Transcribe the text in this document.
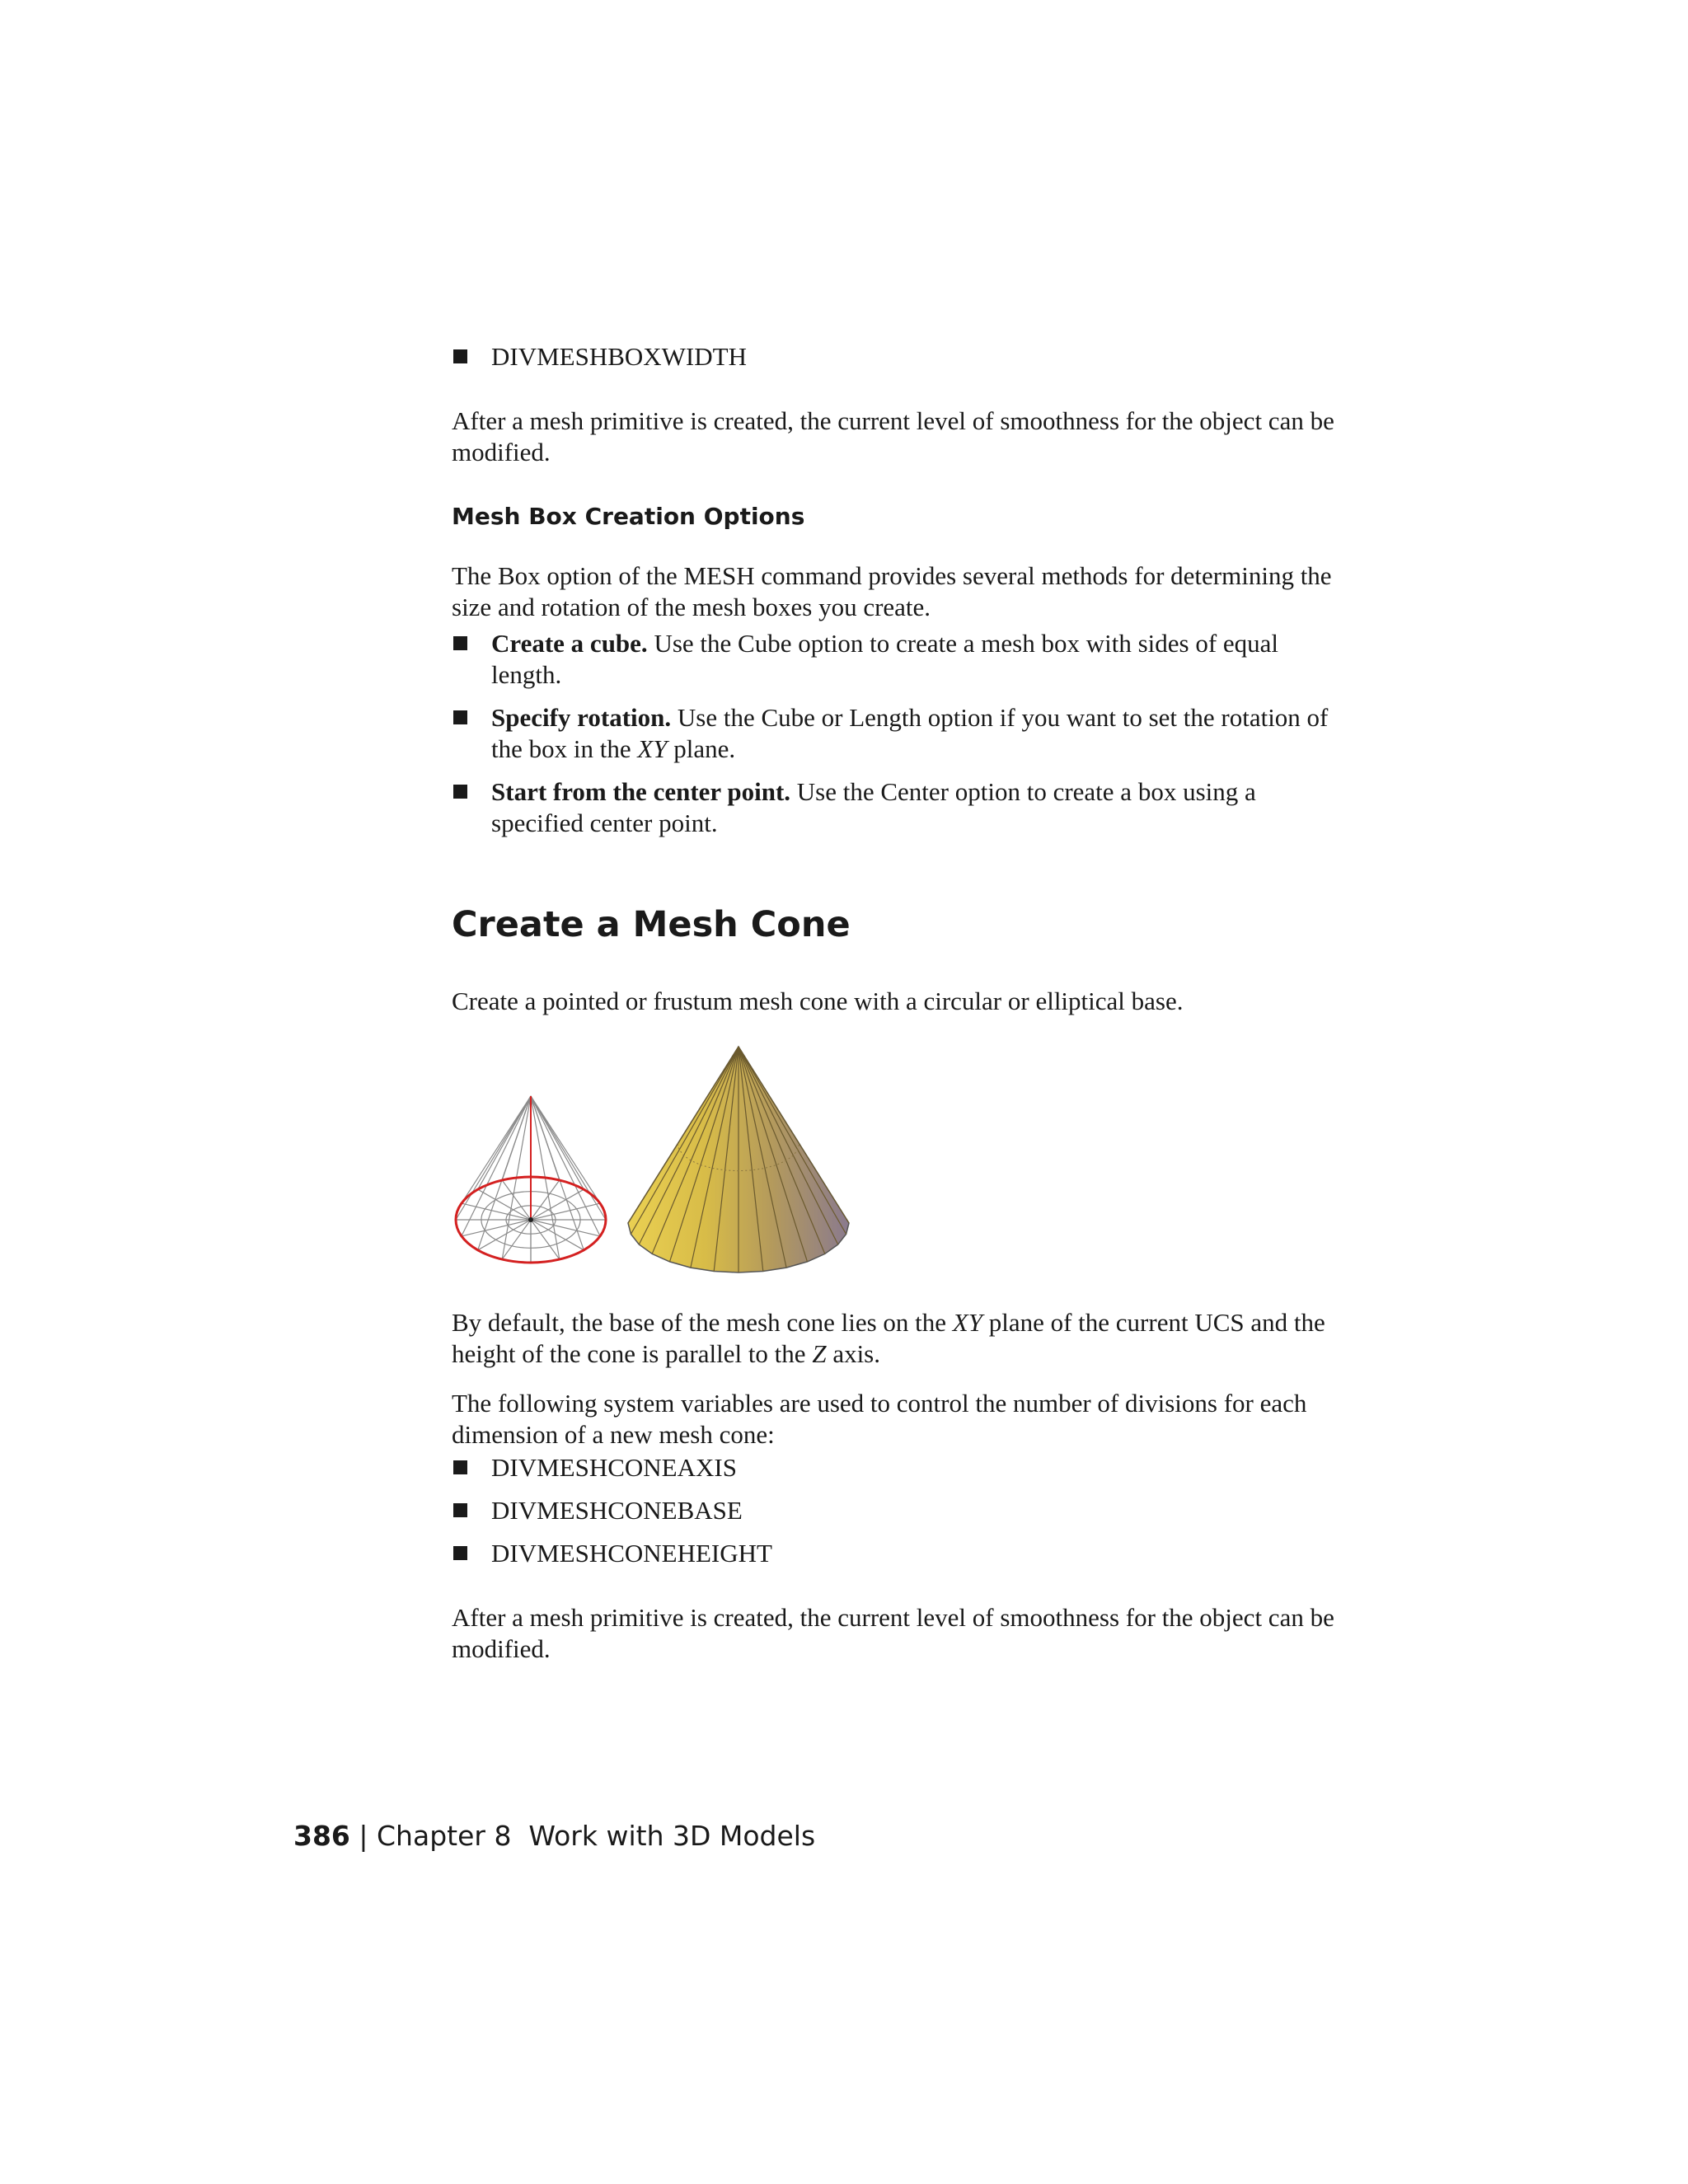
DIVMESHBOXWIDTH

After a mesh primitive is created, the current level of smoothness for the object can be modified.

Mesh Box Creation Options

The Box option of the MESH command provides several methods for determining the size and rotation of the mesh boxes you create.

Create a cube. Use the Cube option to create a mesh box with sides of equal length.
Specify rotation. Use the Cube or Length option if you want to set the rotation of the box in the XY plane.
Start from the center point. Use the Center option to create a box using a specified center point.
Create a Mesh Cone

Create a pointed or frustum mesh cone with a circular or elliptical base.

By default, the base of the mesh cone lies on the XY plane of the current UCS and the height of the cone is parallel to the Z axis.

The following system variables are used to control the number of divisions for each dimension of a new mesh cone:

DIVMESHCONEAXIS
DIVMESHCONEBASE
DIVMESHCONEHEIGHT

After a mesh primitive is created, the current level of smoothness for the object can be modified.

386 | Chapter 8 Work with 3D Models
